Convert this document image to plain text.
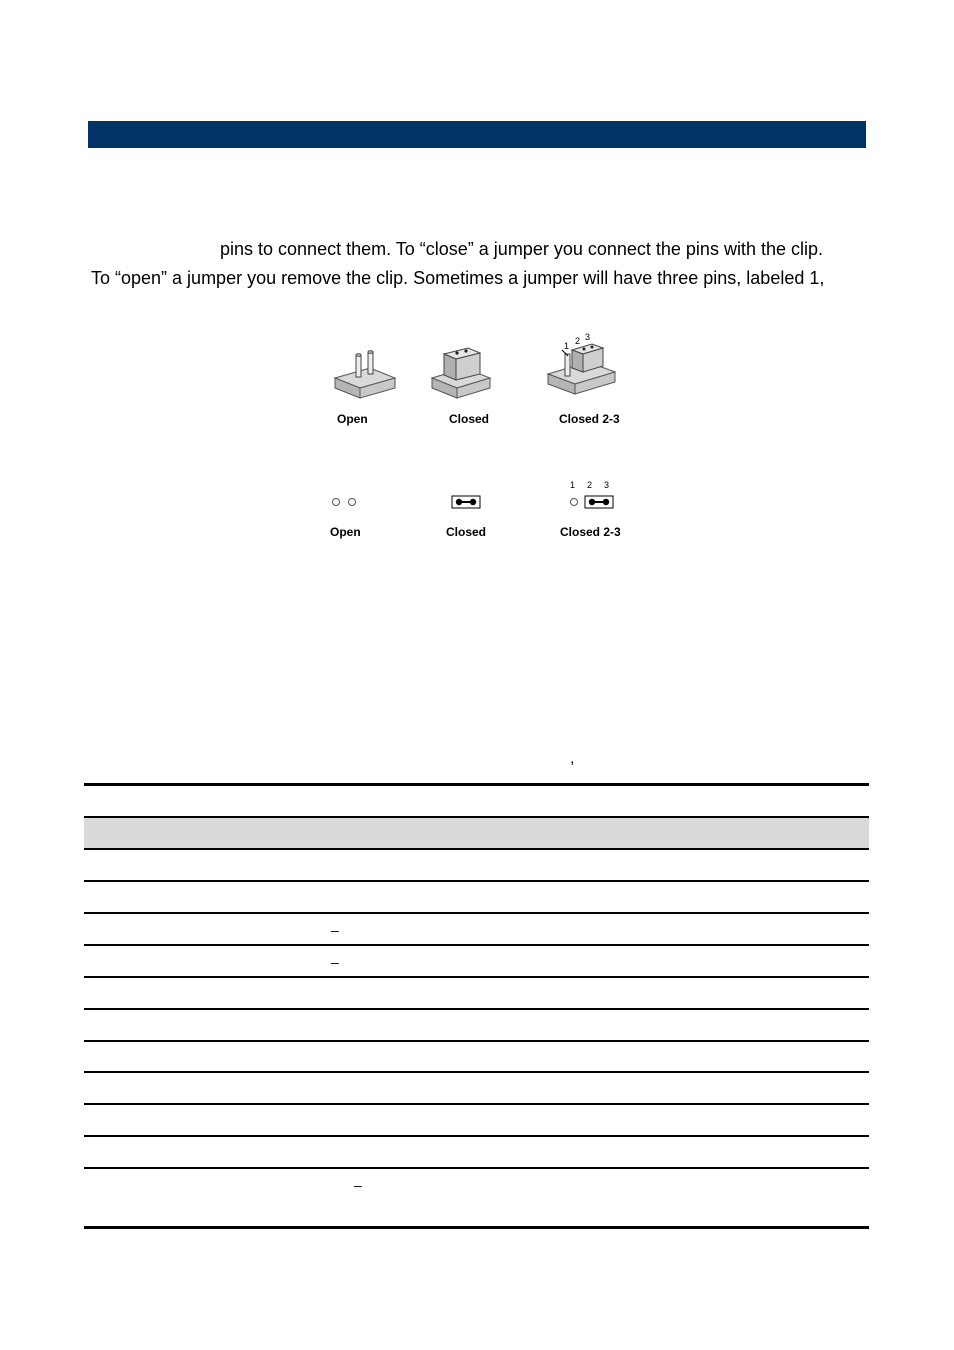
pins to connect them. To “close” a jumper you connect the pins with the clip.
To “open” a jumper you remove the clip. Sometimes a jumper will have three pins, labeled 1,
1 2 3
Open	Closed	Closed 2-3
1 2 3
Open	Closed	Closed 2-3
,
–
–
–
